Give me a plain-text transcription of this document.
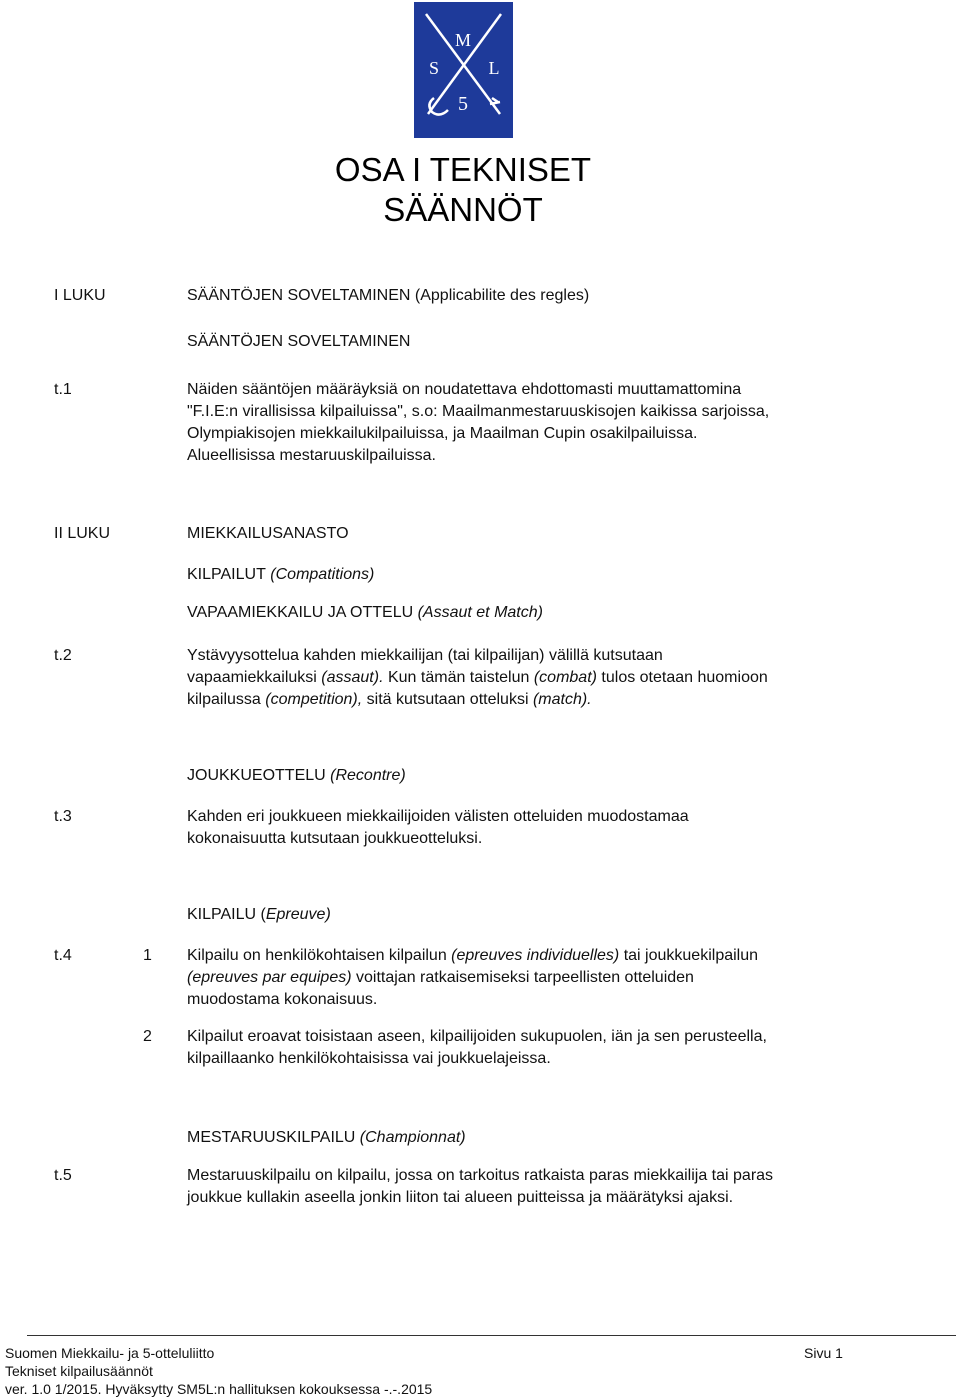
M
S	L
5
OSA I TEKNISET
SÄÄNNÖT
I LUKU	SÄÄNTÖJEN SOVELTAMINEN (Applicabilite des regles)
SÄÄNTÖJEN SOVELTAMINEN
t.1	Näiden sääntöjen määräyksiä on noudatettava ehdottomasti muuttamattomina
"F.I.E:n virallisissa kilpailuissa", s.o: Maailmanmestaruuskisojen kaikissa sarjoissa,
Olympiakisojen miekkailukilpailuissa, ja Maailman Cupin osakilpailuissa.
Alueellisissa mestaruuskilpailuissa.
II LUKU	MIEKKAILUSANASTO
KILPAILUT (Compatitions)
VAPAAMIEKKAILU JA OTTELU (Assaut et Match)
t.2	Ystävyysottelua kahden miekkailijan (tai kilpailijan) välillä kutsutaan
vapaamiekkailuksi (assaut). Kun tämän taistelun (combat) tulos otetaan huomioon
kilpailussa (competition), sitä kutsutaan otteluksi (match).
JOUKKUEOTTELU (Recontre)
t.3	Kahden eri joukkueen miekkailijoiden välisten otteluiden muodostamaa
kokonaisuutta kutsutaan joukkueotteluksi.
KILPAILU (Epreuve)
t.4	1 Kilpailu on henkilökohtaisen kilpailun (epreuves individuelles) tai joukkuekilpailun
(epreuves par equipes) voittajan ratkaisemiseksi tarpeellisten otteluiden
muodostama kokonaisuus.
2 Kilpailut eroavat toisistaan aseen, kilpailijoiden sukupuolen, iän ja sen perusteella,
kilpaillaanko henkilökohtaisissa vai joukkuelajeissa.
MESTARUUSKILPAILU (Championnat)
t.5	Mestaruuskilpailu on kilpailu, jossa on tarkoitus ratkaista paras miekkailija tai paras
joukkue kullakin aseella jonkin liiton tai alueen puitteissa ja määrätyksi ajaksi.
Suomen Miekkailu- ja 5-otteluliitto	Sivu 1
Tekniset kilpailusäännöt
ver. 1.0 1/2015. Hyväksytty SM5L:n hallituksen kokouksessa -.-.2015
